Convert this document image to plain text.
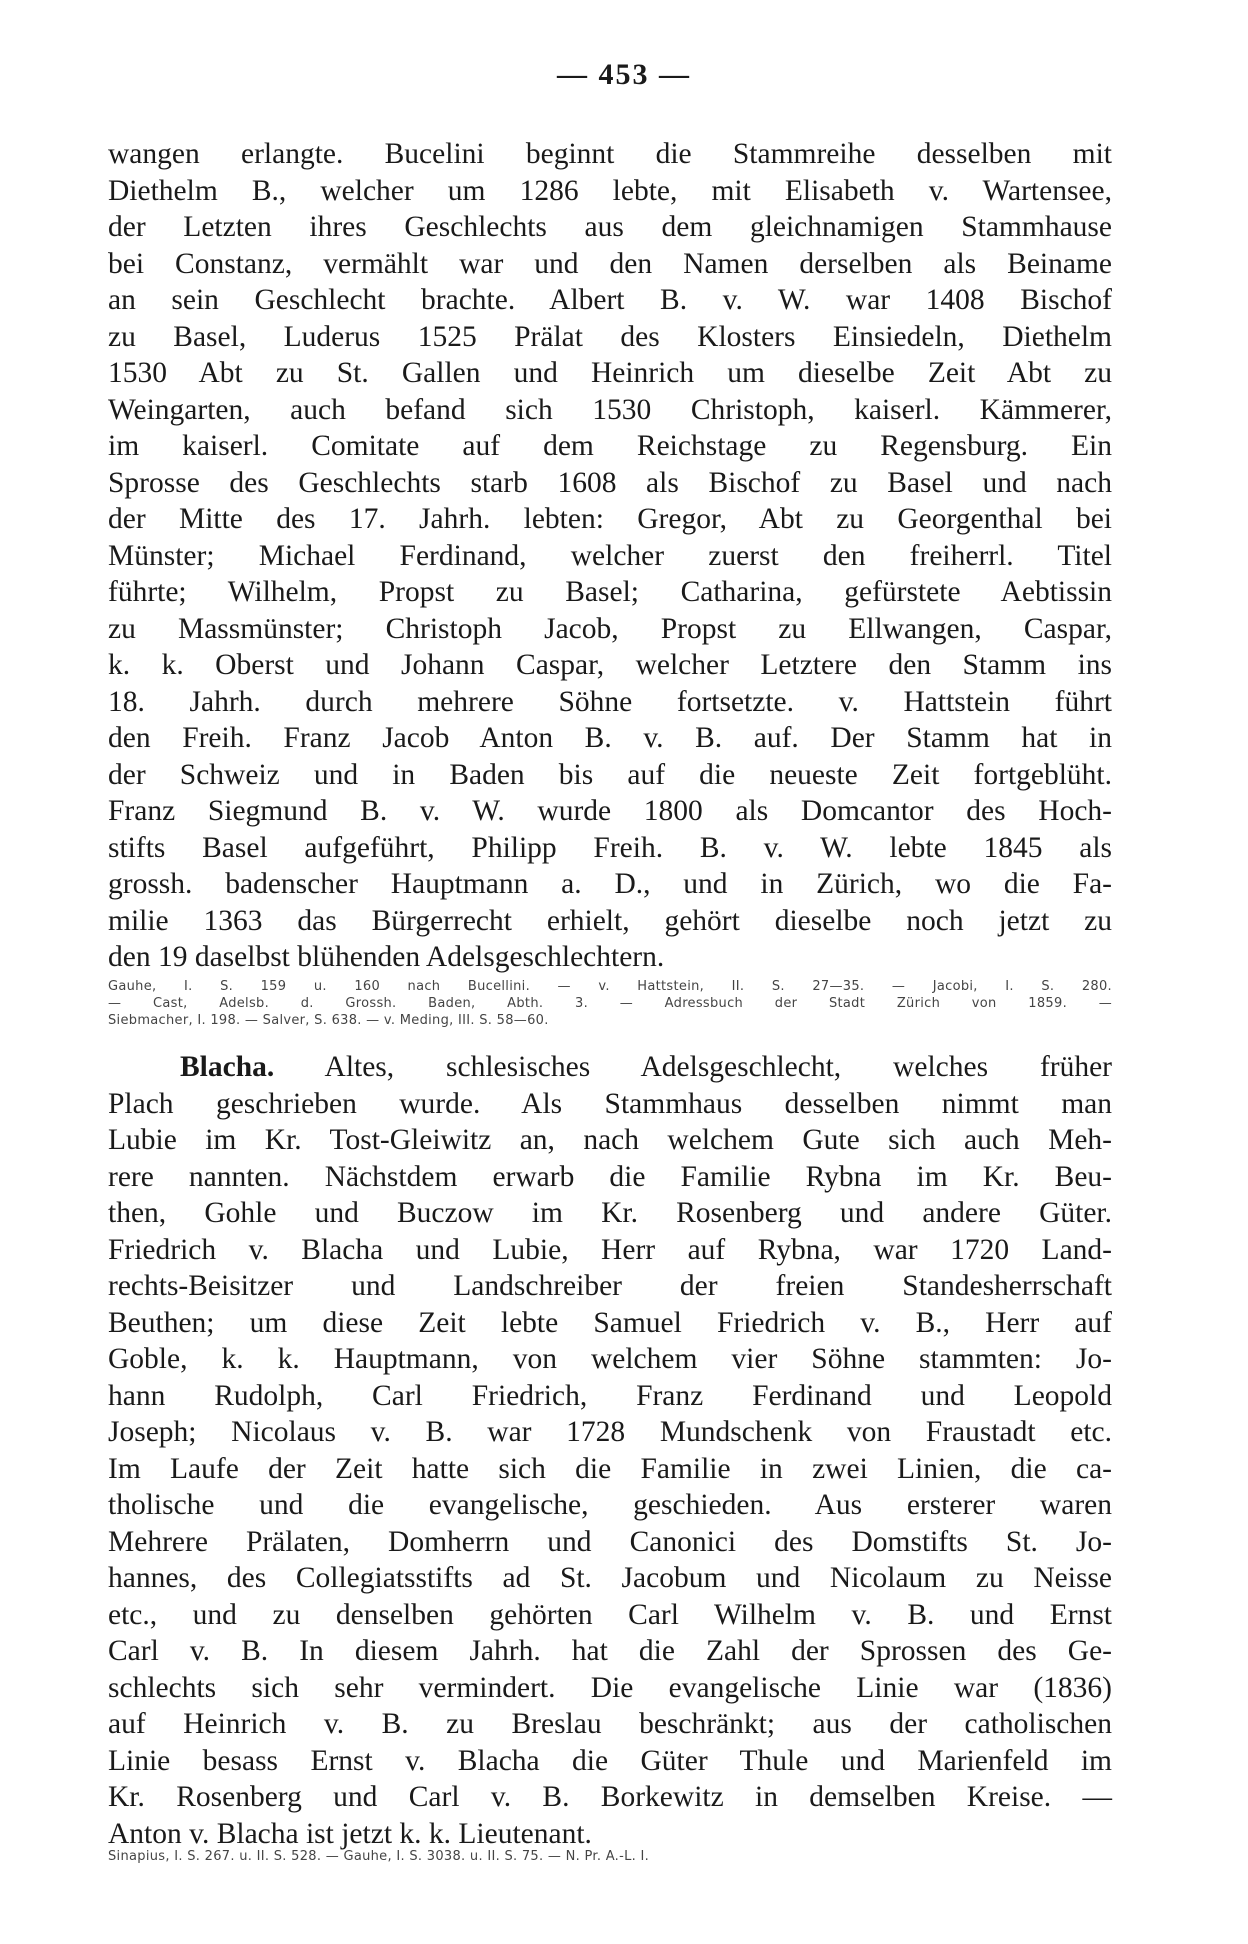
— 453 —
wangen erlangte. Bucelini beginnt die Stammreihe desselben mit
Diethelm B., welcher um 1286 lebte, mit Elisabeth v. Wartensee,
der Letzten ihres Geschlechts aus dem gleichnamigen Stammhause
bei Constanz, vermählt war und den Namen derselben als Beiname
an sein Geschlecht brachte. Albert B. v. W. war 1408 Bischof
zu Basel, Luderus 1525 Prälat des Klosters Einsiedeln, Diethelm
1530 Abt zu St. Gallen und Heinrich um dieselbe Zeit Abt zu
Weingarten, auch befand sich 1530 Christoph, kaiserl. Kämmerer,
im kaiserl. Comitate auf dem Reichstage zu Regensburg. Ein
Sprosse des Geschlechts starb 1608 als Bischof zu Basel und nach
der Mitte des 17. Jahrh. lebten: Gregor, Abt zu Georgenthal bei
Münster; Michael Ferdinand, welcher zuerst den freiherrl. Titel
führte; Wilhelm, Propst zu Basel; Catharina, gefürstete Aebtissin
zu Massmünster; Christoph Jacob, Propst zu Ellwangen, Caspar,
k. k. Oberst und Johann Caspar, welcher Letztere den Stamm ins
18. Jahrh. durch mehrere Söhne fortsetzte. v. Hattstein führt
den Freih. Franz Jacob Anton B. v. B. auf. Der Stamm hat in
der Schweiz und in Baden bis auf die neueste Zeit fortgeblüht.
Franz Siegmund B. v. W. wurde 1800 als Domcantor des Hoch-
stifts Basel aufgeführt, Philipp Freih. B. v. W. lebte 1845 als
grossh. badenscher Hauptmann a. D., und in Zürich, wo die Fa-
milie 1363 das Bürgerrecht erhielt, gehört dieselbe noch jetzt zu
den 19 daselbst blühenden Adelsgeschlechtern.
Gauhe, I. S. 159 u. 160 nach Bucellini. — v. Hattstein, II. S. 27—35. — Jacobi, I. S. 280.
— Cast, Adelsb. d. Grossh. Baden, Abth. 3. — Adressbuch der Stadt Zürich von 1859. —
Siebmacher, I. 198. — Salver, S. 638. — v. Meding, III. S. 58—60.
Blacha. Altes, schlesisches Adelsgeschlecht, welches früher
Plach geschrieben wurde. Als Stammhaus desselben nimmt man
Lubie im Kr. Tost-Gleiwitz an, nach welchem Gute sich auch Meh-
rere nannten. Nächstdem erwarb die Familie Rybna im Kr. Beu-
then, Gohle und Buczow im Kr. Rosenberg und andere Güter.
Friedrich v. Blacha und Lubie, Herr auf Rybna, war 1720 Land-
rechts-Beisitzer und Landschreiber der freien Standesherrschaft
Beuthen; um diese Zeit lebte Samuel Friedrich v. B., Herr auf
Goble, k. k. Hauptmann, von welchem vier Söhne stammten: Jo-
hann Rudolph, Carl Friedrich, Franz Ferdinand und Leopold
Joseph; Nicolaus v. B. war 1728 Mundschenk von Fraustadt etc.
Im Laufe der Zeit hatte sich die Familie in zwei Linien, die ca-
tholische und die evangelische, geschieden. Aus ersterer waren
Mehrere Prälaten, Domherrn und Canonici des Domstifts St. Jo-
hannes, des Collegiatsstifts ad St. Jacobum und Nicolaum zu Neisse
etc., und zu denselben gehörten Carl Wilhelm v. B. und Ernst
Carl v. B. In diesem Jahrh. hat die Zahl der Sprossen des Ge-
schlechts sich sehr vermindert. Die evangelische Linie war (1836)
auf Heinrich v. B. zu Breslau beschränkt; aus der catholischen
Linie besass Ernst v. Blacha die Güter Thule und Marienfeld im
Kr. Rosenberg und Carl v. B. Borkewitz in demselben Kreise. —
Anton v. Blacha ist jetzt k. k. Lieutenant.
Sinapius, I. S. 267. u. II. S. 528. — Gauhe, I. S. 3038. u. II. S. 75. — N. Pr. A.-L. I.
